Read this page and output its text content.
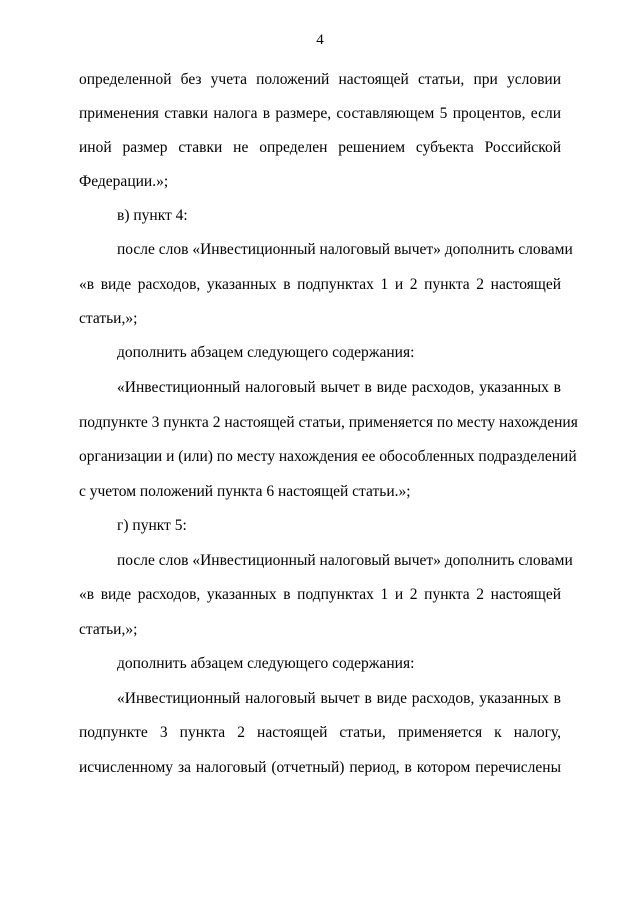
4
определенной без учета положений настоящей статьи, при условии
применения ставки налога в размере, составляющем 5 процентов, если
иной размер ставки не определен решением субъекта Российской
Федерации.»;
в) пункт 4:
после слов «Инвестиционный налоговый вычет» дополнить словами
«в виде расходов, указанных в подпунктах 1 и 2 пункта 2 настоящей
статьи,»;
дополнить абзацем следующего содержания:
«Инвестиционный налоговый вычет в виде расходов, указанных в
подпункте 3 пункта 2 настоящей статьи, применяется по месту нахождения
организации и (или) по месту нахождения ее обособленных подразделений
с учетом положений пункта 6 настоящей статьи.»;
г) пункт 5:
после слов «Инвестиционный налоговый вычет» дополнить словами
«в виде расходов, указанных в подпунктах 1 и 2 пункта 2 настоящей
статьи,»;
дополнить абзацем следующего содержания:
«Инвестиционный налоговый вычет в виде расходов, указанных в
подпункте 3 пункта 2 настоящей статьи, применяется к налогу,
исчисленному за налоговый (отчетный) период, в котором перечислены
